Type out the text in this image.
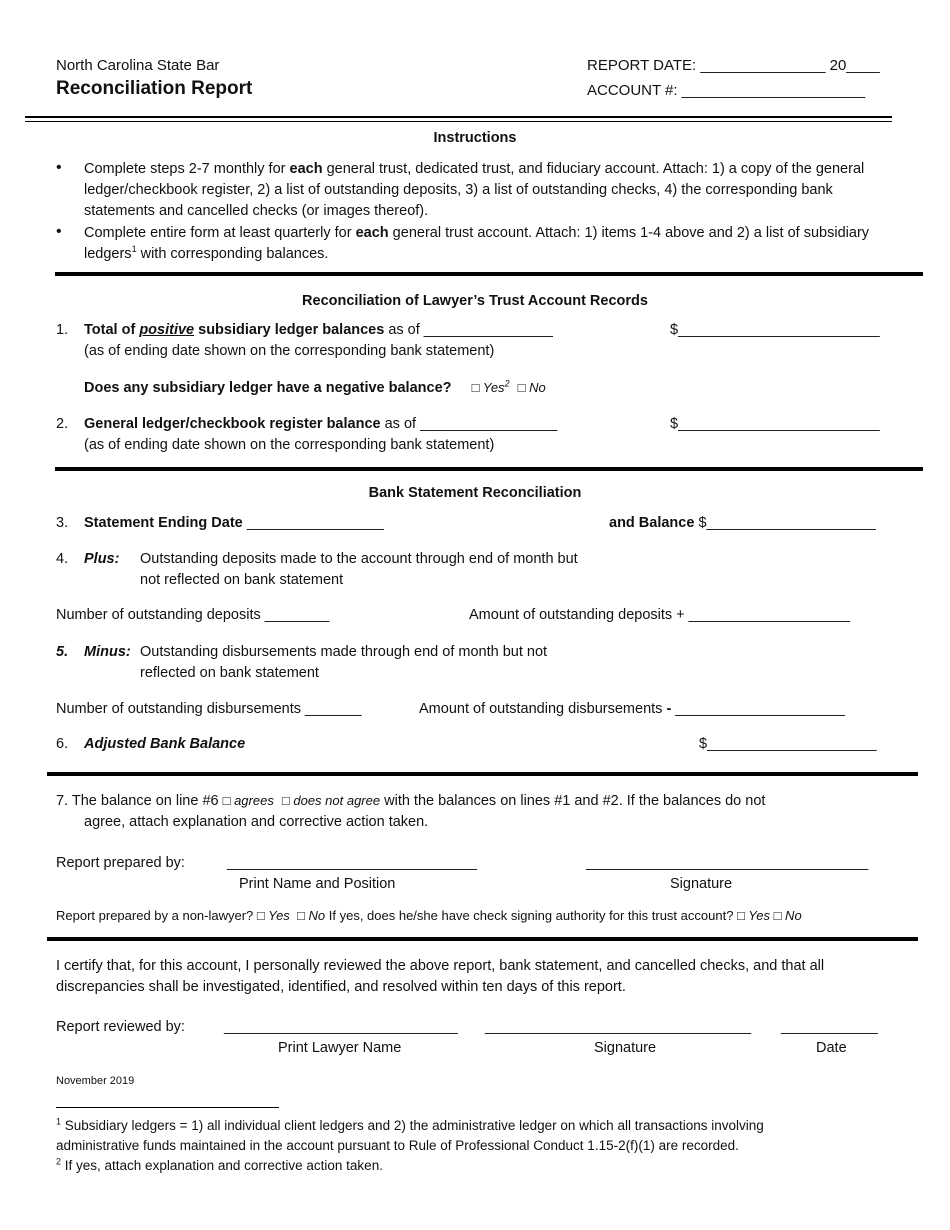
North Carolina State Bar
Reconciliation Report
REPORT DATE: _______________ 20____
ACCOUNT #: ______________________
Instructions
• Complete steps 2-7 monthly for each general trust, dedicated trust, and fiduciary account. Attach: 1) a copy of the general ledger/checkbook register, 2) a list of outstanding deposits, 3) a list of outstanding checks, 4) the corresponding bank statements and cancelled checks (or images thereof).
• Complete entire form at least quarterly for each general trust account. Attach: 1) items 1-4 above and 2) a list of subsidiary ledgers$^1$ with corresponding balances.
Reconciliation of Lawyer’s Trust Account Records
1. Total of positive subsidiary ledger balances as of ________________	$_________________________
(as of ending date shown on the corresponding bank statement)
Does any subsidiary ledger have a negative balance? □ Yes$^2$ □ No
2. General ledger/checkbook register balance as of _________________	$_________________________
(as of ending date shown on the corresponding bank statement)
Bank Statement Reconciliation
3. Statement Ending Date _________________	and Balance $_____________________
4. Plus: Outstanding deposits made to the account through end of month but
not reflected on bank statement
Number of outstanding deposits ________	Amount of outstanding deposits + ____________________
5. Minus: Outstanding disbursements made through end of month but not
reflected on bank statement
Number of outstanding disbursements _______	Amount of outstanding disbursements - _____________________
6. Adjusted Bank Balance	$_____________________
7. The balance on line #6 □ agrees □ does not agree with the balances on lines #1 and #2. If the balances do not
agree, attach explanation and corrective action taken.
Report prepared by:	_______________________________	___________________________________
Print Name and Position	Signature
Report prepared by a non-lawyer? □ Yes □ No If yes, does he/she have check signing authority for this trust account? □ Yes □ No
I certify that, for this account, I personally reviewed the above report, bank statement, and cancelled checks, and that all discrepancies shall be investigated, identified, and resolved within ten days of this report.
Report reviewed by:	_____________________________ _________________________________ ____________
Print Lawyer Name	Signature	Date
November 2019
$^1$ Subsidiary ledgers = 1) all individual client ledgers and 2) the administrative ledger on which all transactions involving administrative funds maintained in the account pursuant to Rule of Professional Conduct 1.15-2(f)(1) are recorded.
$^2$ If yes, attach explanation and corrective action taken.
